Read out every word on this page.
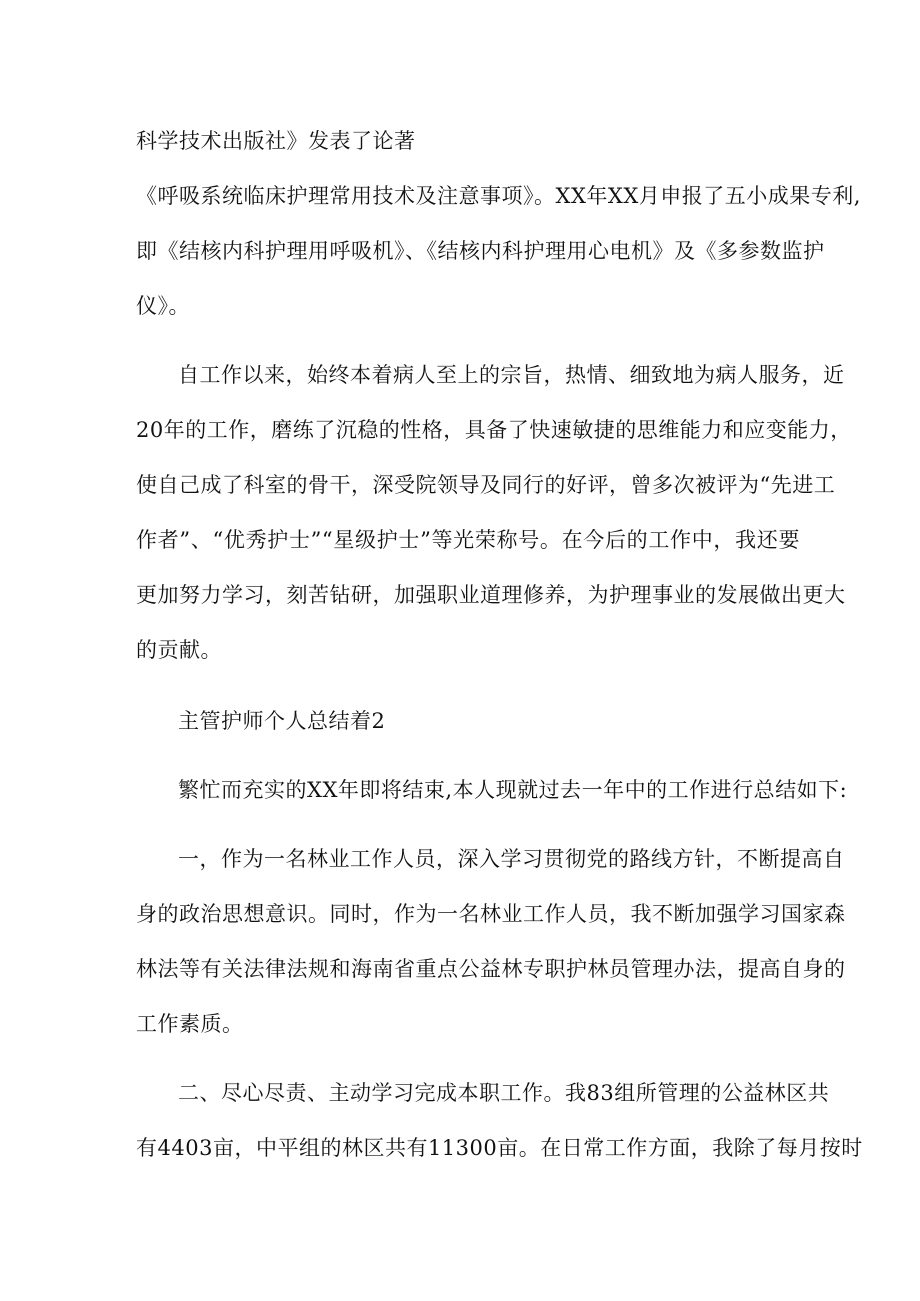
科学技术出版社》发表了论著
《呼吸系统临床护理常用技术及注意事项》。XX年XX月申报了五小成果专利,
即《结核内科护理用呼吸机》、《结核内科护理用心电机》及《多参数监护
仪》。
自工作以来，始终本着病人至上的宗旨，热情、细致地为病人服务，近
20年的工作，磨练了沉稳的性格，具备了快速敏捷的思维能力和应变能力，
使自己成了科室的骨干，深受院领导及同行的好评，曾多次被评为“先进工
作者”、“优秀护士”“星级护士”等光荣称号。在今后的工作中，我还要
更加努力学习，刻苦钻研，加强职业道理修养，为护理事业的发展做出更大
的贡献。
主管护师个人总结着2
繁忙而充实的XX年即将结束,本人现就过去一年中的工作进行总结如下:
一，作为一名林业工作人员，深入学习贯彻党的路线方针，不断提高自
身的政治思想意识。同时，作为一名林业工作人员，我不断加强学习国家森
林法等有关法律法规和海南省重点公益林专职护林员管理办法，提高自身的
工作素质。
二、尽心尽责、主动学习完成本职工作。我83组所管理的公益林区共
有4403亩，中平组的林区共有11300亩。在日常工作方面，我除了每月按时
